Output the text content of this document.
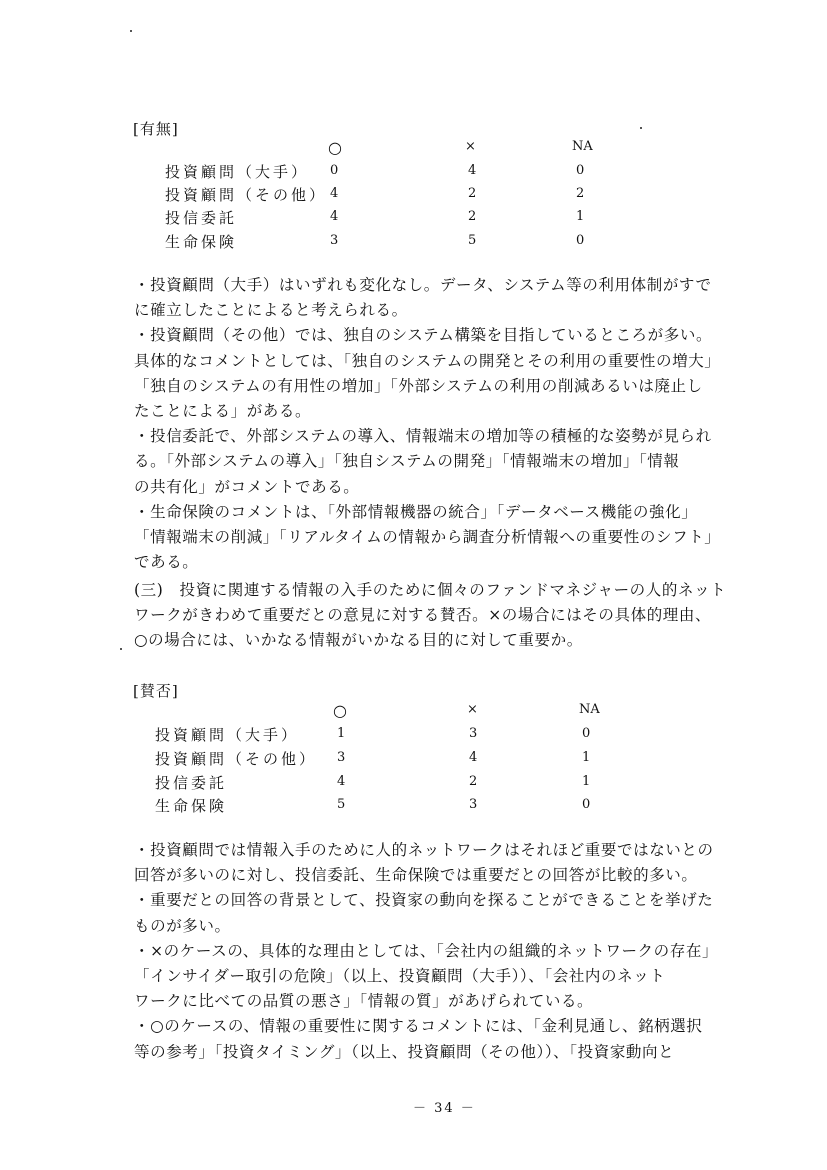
[有無]
○	×	NA
投資顧問（大手） 0	4	0
投資顧問（その他） 4	2	2
投信委託	4	2	1
生命保険	3	5	0

・投資顧問（大手）はいずれも変化なし。データ、システム等の利用体制がすで

に確立したことによると考えられる。

・投資顧問（その他）では、独自のシステム構築を目指しているところが多い。

具体的なコメントとしては、「独自のシステムの開発とその利用の重要性の増大」

「独自のシステムの有用性の増加」「外部システムの利用の削減あるいは廃止し

たことによる」がある。

・投信委託で、外部システムの導入、情報端末の増加等の積極的な姿勢が見られ

る。「外部システムの導入」「独自システムの開発」「情報端末の増加」「情報

の共有化」がコメントである。

・生命保険のコメントは、「外部情報機器の統合」「データベース機能の強化」

「情報端末の削減」「リアルタイムの情報から調査分析情報への重要性のシフト」

である。

(三)　投資に関連する情報の入手のために個々のファンドマネジャーの人的ネット

ワークがきわめて重要だとの意見に対する賛否。×の場合にはその具体的理由、

○の場合には、いかなる情報がいかなる目的に対して重要か。

[賛否]
○	×	NA
投資顧問（大手）	1	3	0
投資顧問（その他） 3	4	1
投信委託	4	2	1
生命保険	5	3	0

・投資顧問では情報入手のために人的ネットワークはそれほど重要ではないとの

回答が多いのに対し、投信委託、生命保険では重要だとの回答が比較的多い。

・重要だとの回答の背景として、投資家の動向を探ることができることを挙げた

ものが多い。

・×のケースの、具体的な理由としては、「会社内の組織的ネットワークの存在」

「インサイダー取引の危険」（以上、投資顧問（大手））、「会社内のネット

ワークに比べての品質の悪さ」「情報の質」があげられている。

・○のケースの、情報の重要性に関するコメントには、「金利見通し、銘柄選択

等の参考」「投資タイミング」（以上、投資顧問（その他））、「投資家動向と

－ 34 －
